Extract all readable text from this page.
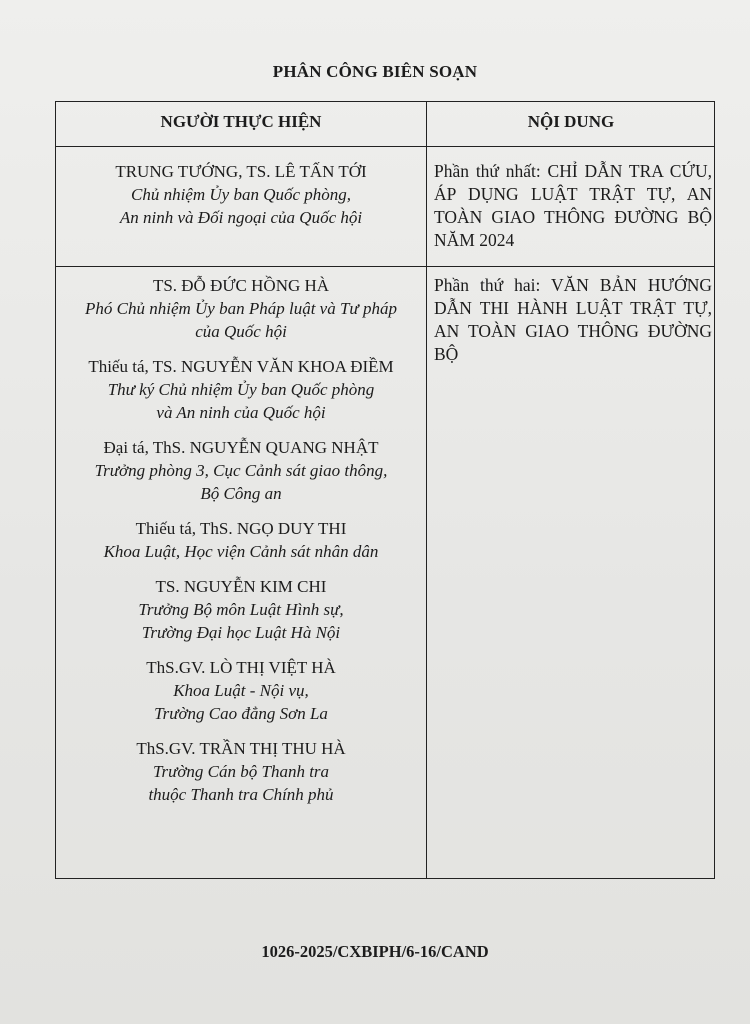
PHÂN CÔNG BIÊN SOẠN
NGƯỜI THỰC HIỆN	NỘI DUNG
TRUNG TƯỚNG, TS. LÊ TẤN TỚI
Chủ nhiệm Ủy ban Quốc phòng,
An ninh và Đối ngoại của Quốc hội
Phần thứ nhất: CHỈ DẪN TRA CỨU, ÁP DỤNG LUẬT TRẬT TỰ, AN TOÀN GIAO THÔNG ĐƯỜNG BỘ NĂM 2024
TS. ĐỖ ĐỨC HỒNG HÀ
Phó Chủ nhiệm Ủy ban Pháp luật và Tư pháp
của Quốc hội
Thiếu tá, TS. NGUYỄN VĂN KHOA ĐIỀM
Thư ký Chủ nhiệm Ủy ban Quốc phòng
và An ninh của Quốc hội
Đại tá, ThS. NGUYỄN QUANG NHẬT
Trưởng phòng 3, Cục Cảnh sát giao thông,
Bộ Công an
Thiếu tá, ThS. NGỌ DUY THI
Khoa Luật, Học viện Cảnh sát nhân dân
TS. NGUYỄN KIM CHI
Trưởng Bộ môn Luật Hình sự,
Trường Đại học Luật Hà Nội
ThS.GV. LÒ THỊ VIỆT HÀ
Khoa Luật - Nội vụ,
Trường Cao đẳng Sơn La
ThS.GV. TRẦN THỊ THU HÀ
Trường Cán bộ Thanh tra
thuộc Thanh tra Chính phủ
Phần thứ hai: VĂN BẢN HƯỚNG DẪN THI HÀNH LUẬT TRẬT TỰ, AN TOÀN GIAO THÔNG ĐƯỜNG BỘ
1026-2025/CXBIPH/6-16/CAND
